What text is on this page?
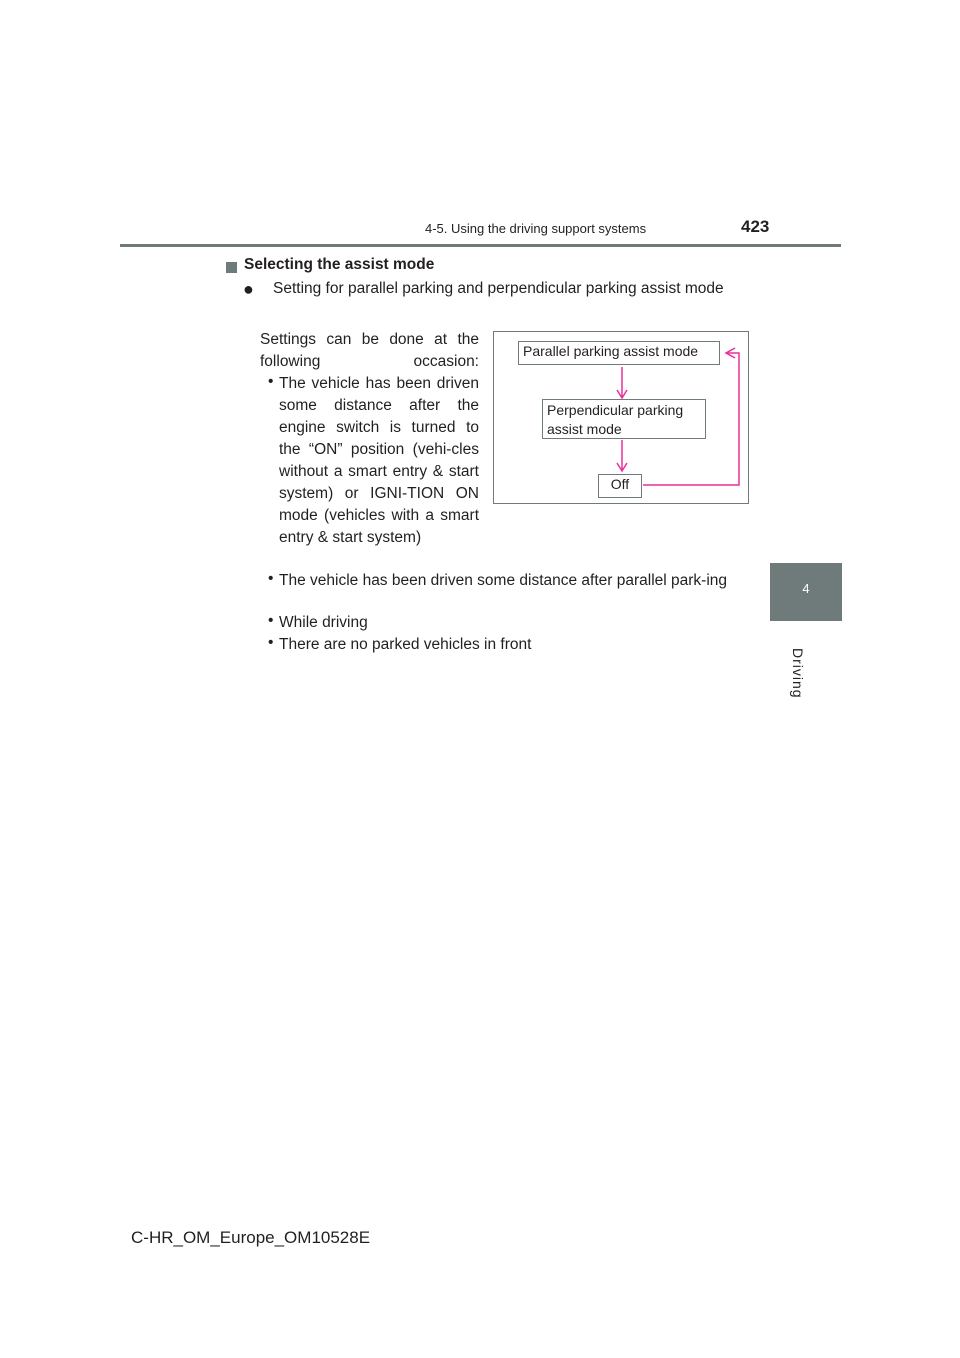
4-5. Using the driving support systems	423
4
Driving
Selecting the assist mode
● Setting for parallel parking and perpendicular parking assist mode
Settings can be done at the following occasion:
• The vehicle has been driven some distance after the engine switch is turned to the “ON” position (vehi-cles without a smart entry & start system) or IGNI-TION ON mode (vehicles with a smart entry & start system)
• The vehicle has been driven some distance after parallel park-ing
• While driving
• There are no parked vehicles in front
Parallel parking assist mode
Perpendicular parking assist mode
Off
C-HR_OM_Europe_OM10528E
